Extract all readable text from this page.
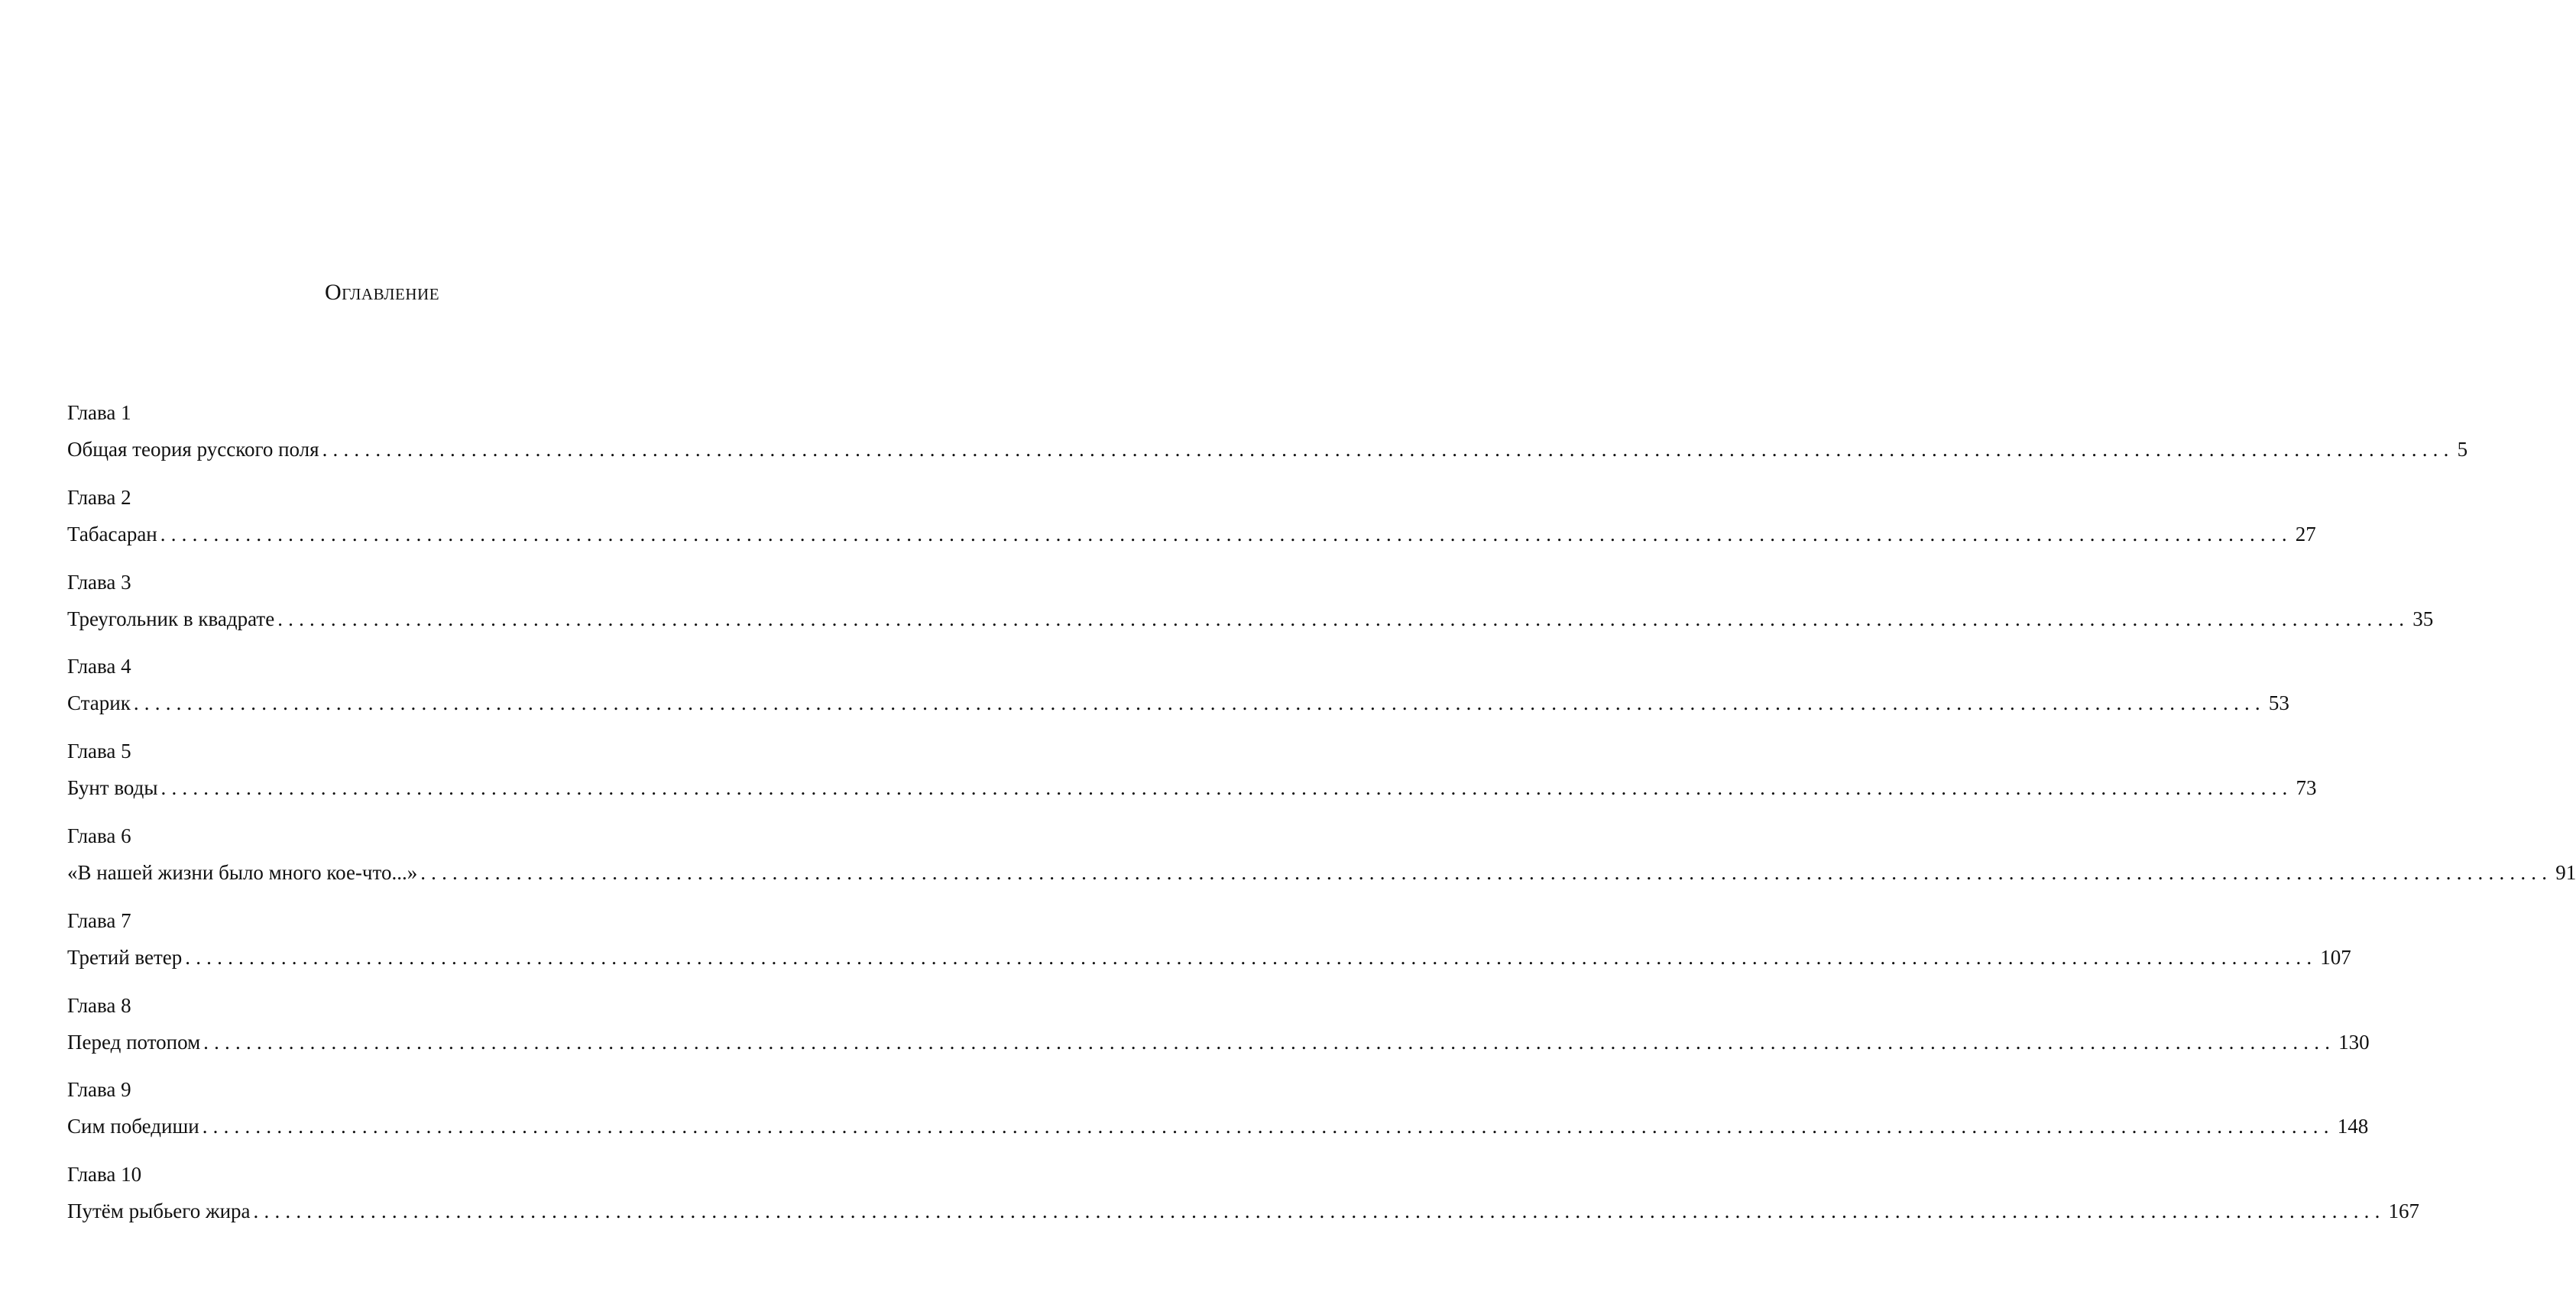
Оглавление
Глава 1
Общая теория русского поля ........................................................................................................................................................................................................ 5
Глава 2
Табасаран ........................................................................................................................................................................................................ 27
Глава 3
Треугольник в квадрате ........................................................................................................................................................................................................ 35
Глава 4
Старик ........................................................................................................................................................................................................ 53
Глава 5
Бунт воды ........................................................................................................................................................................................................ 73
Глава 6
«В нашей жизни было много кое-что...» ........................................................................................................................................................................................................ 91
Глава 7
Третий ветер ........................................................................................................................................................................................................ 107
Глава 8
Перед потопом ........................................................................................................................................................................................................ 130
Глава 9
Сим победиши ........................................................................................................................................................................................................ 148
Глава 10
Путём рыбьего жира ........................................................................................................................................................................................................ 167
